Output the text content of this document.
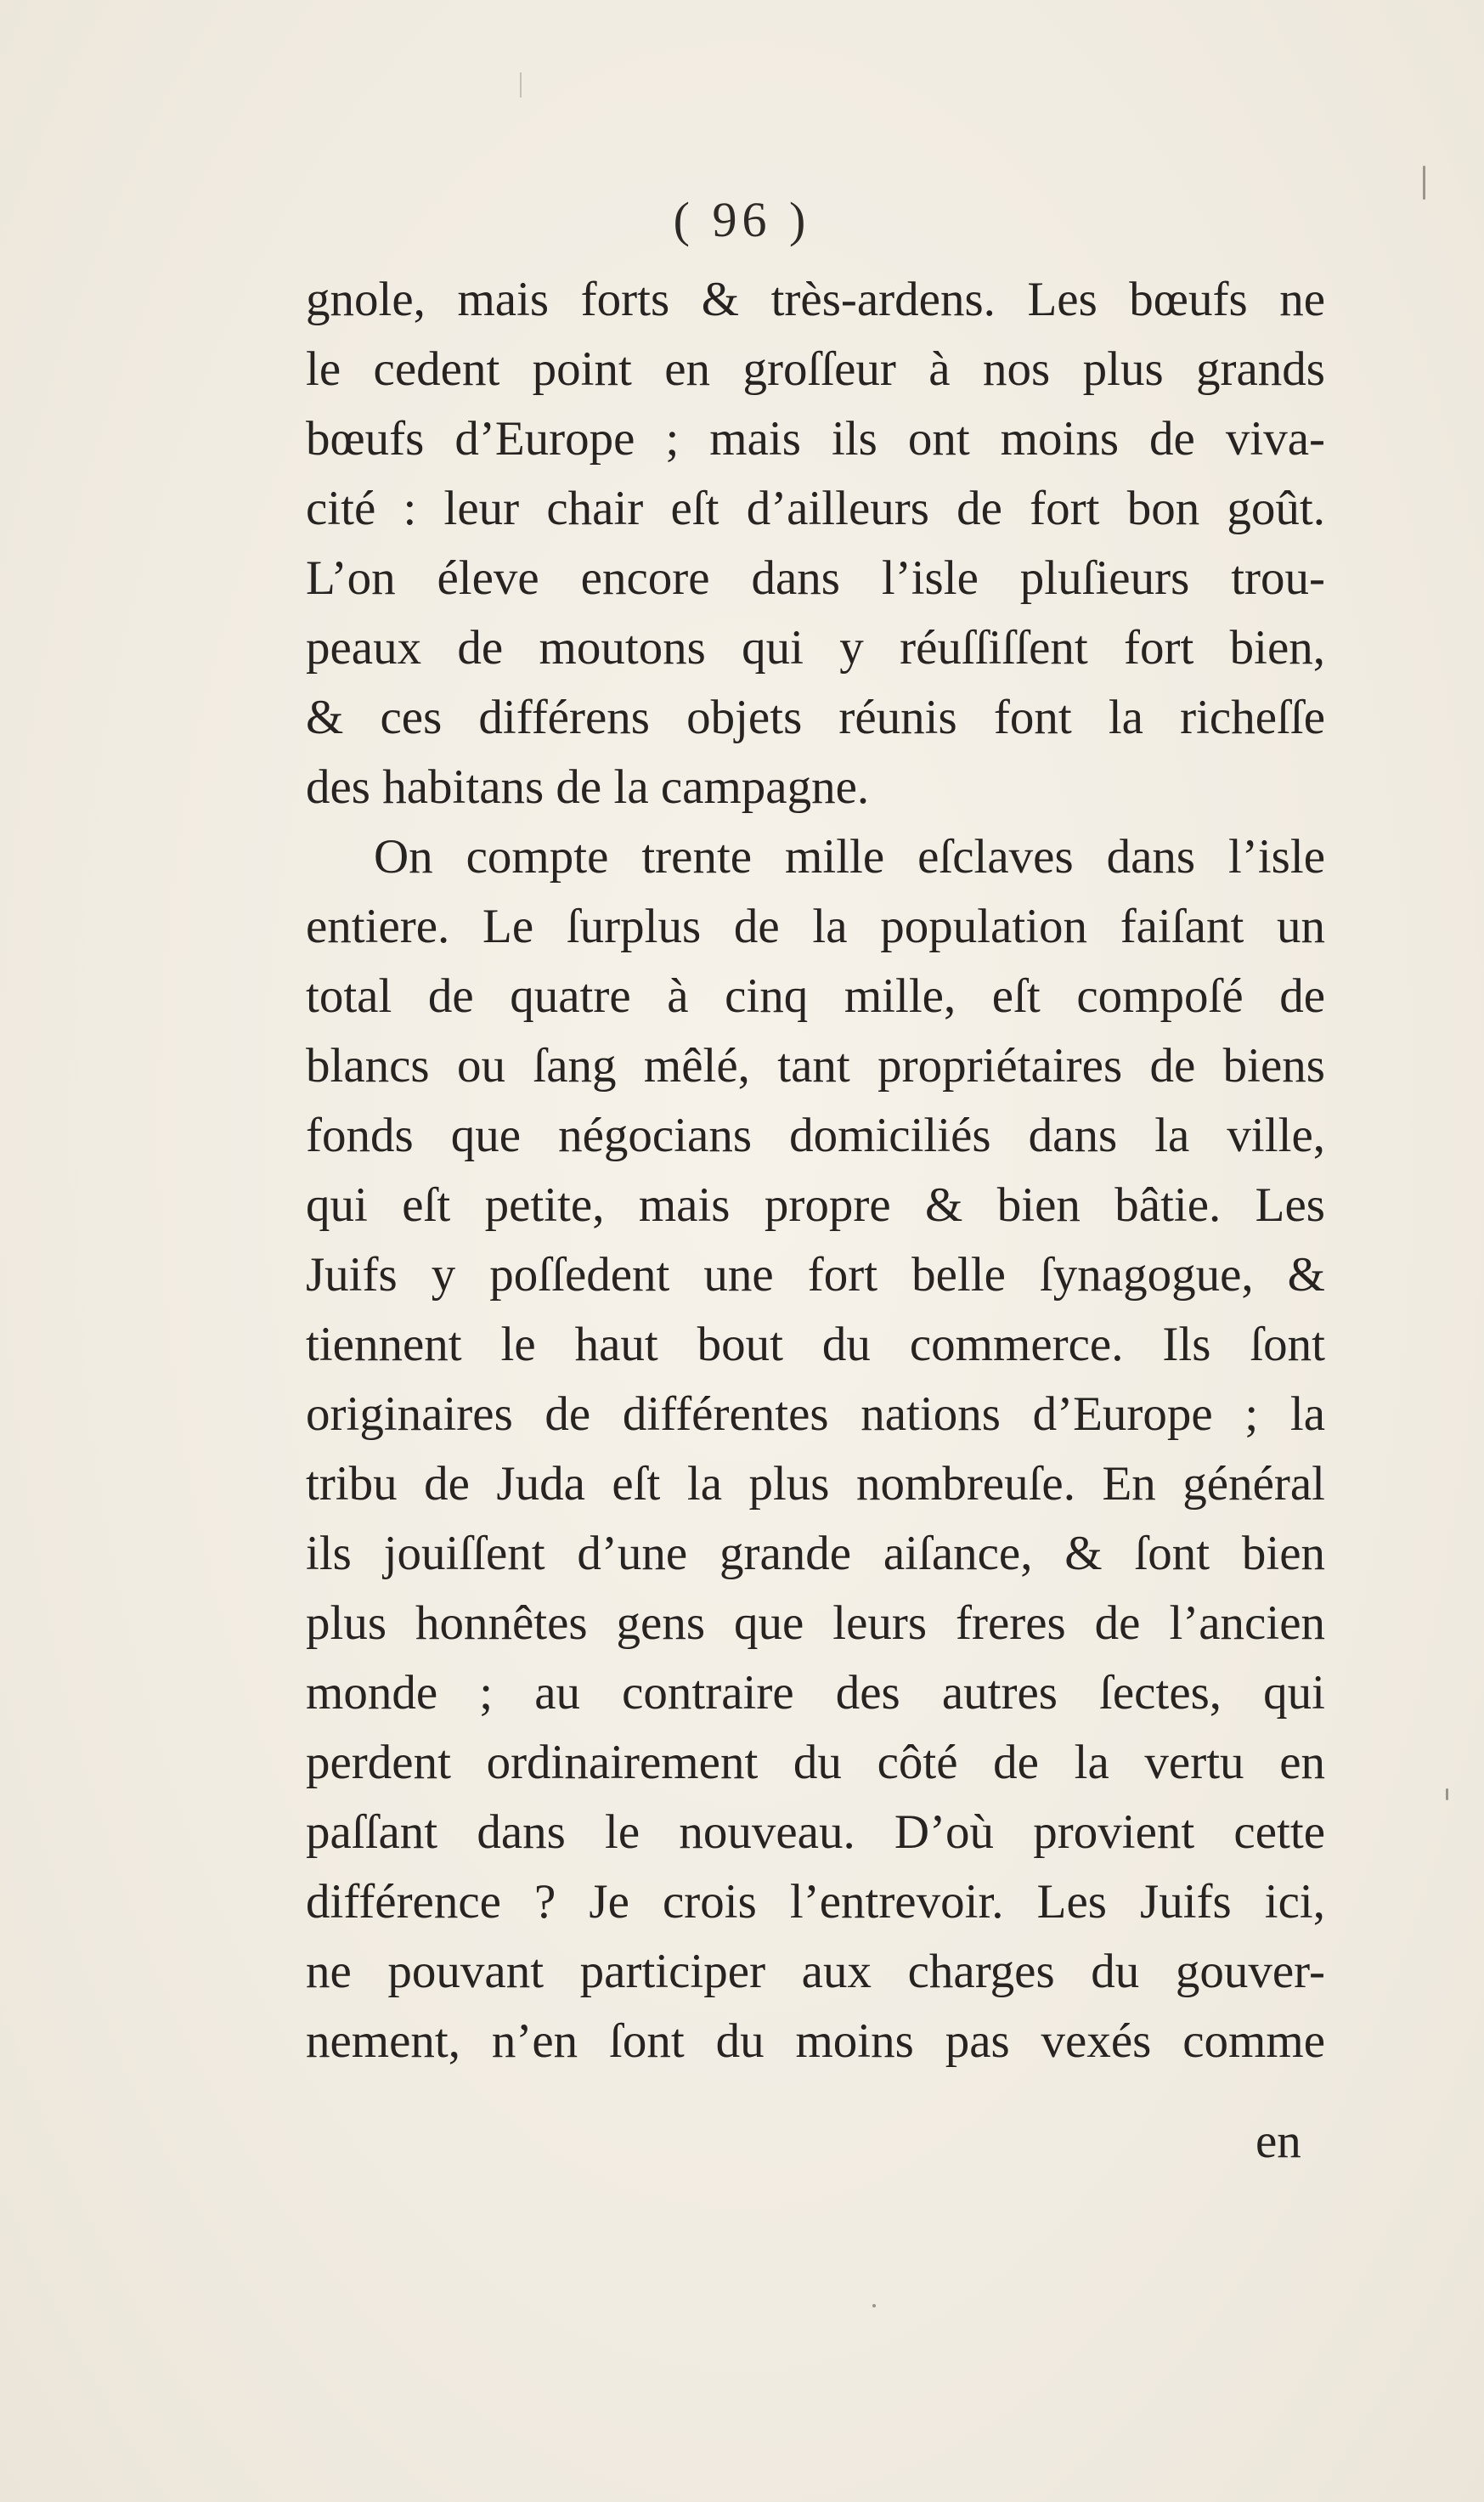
( 96 )

gnole, mais forts & très-ardens. Les bœufs ne
le cedent point en groſſeur à nos plus grands
bœufs d’Europe ; mais ils ont moins de viva-
cité : leur chair eſt d’ailleurs de fort bon goût.
L’on éleve encore dans l’isle pluſieurs trou-
peaux de moutons qui y réuſſiſſent fort bien,
& ces différens objets réunis font la richeſſe
des habitans de la campagne.
On compte trente mille eſclaves dans l’isle
entiere. Le ſurplus de la population faiſant un
total de quatre à cinq mille, eſt compoſé de
blancs ou ſang mêlé, tant propriétaires de biens
fonds que négocians domiciliés dans la ville,
qui eſt petite, mais propre & bien bâtie. Les
Juifs y poſſedent une fort belle ſynagogue, &
tiennent le haut bout du commerce. Ils ſont
originaires de différentes nations d’Europe ; la
tribu de Juda eſt la plus nombreuſe. En général
ils jouiſſent d’une grande aiſance, & ſont bien
plus honnêtes gens que leurs freres de l’ancien
monde ; au contraire des autres ſectes, qui
perdent ordinairement du côté de la vertu en
paſſant dans le nouveau. D’où provient cette
différence ? Je crois l’entrevoir. Les Juifs ici,
ne pouvant participer aux charges du gouver-
nement, n’en ſont du moins pas vexés comme

en
